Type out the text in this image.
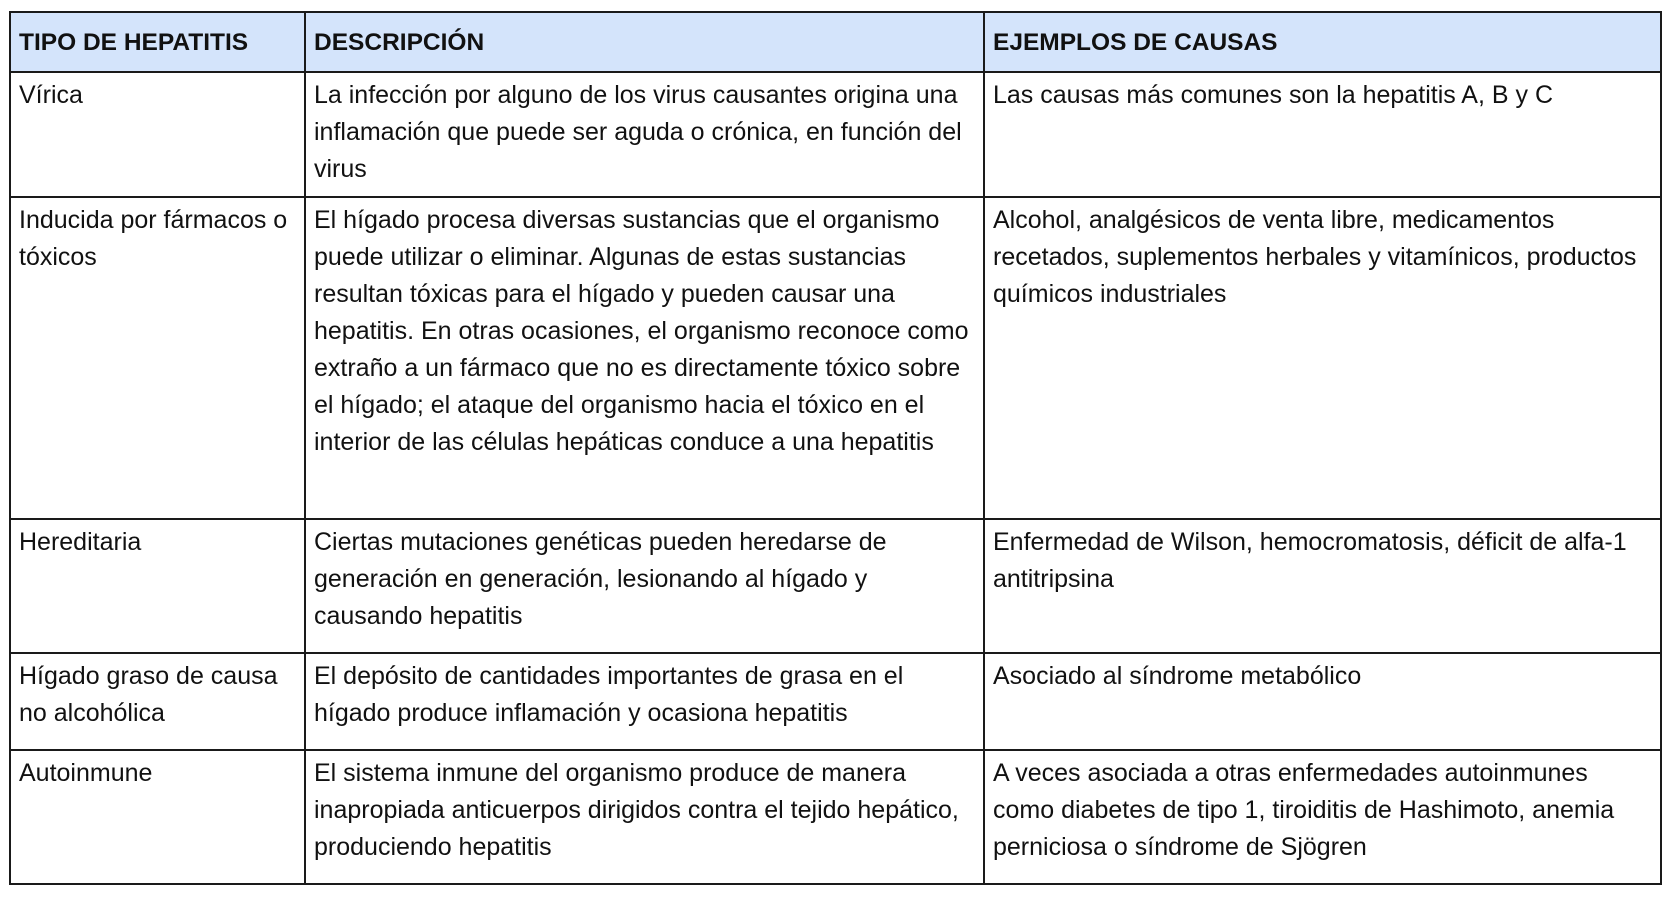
TIPO DE HEPATITIS	DESCRIPCIÓN	EJEMPLOS DE CAUSAS
Vírica	La infección por alguno de los virus causantes origina una inflamación que puede ser aguda o crónica, en función del virus	Las causas más comunes son la hepatitis A, B y C
Inducida por fármacos o tóxicos	El hígado procesa diversas sustancias que el organismo puede utilizar o eliminar. Algunas de estas sustancias resultan tóxicas para el hígado y pueden causar una hepatitis. En otras ocasiones, el organismo reconoce como extraño a un fármaco que no es directamente tóxico sobre el hígado; el ataque del organismo hacia el tóxico en el interior de las células hepáticas conduce a una hepatitis	Alcohol, analgésicos de venta libre, medicamentos recetados, suplementos herbales y vitamínicos, productos químicos industriales
Hereditaria	Ciertas mutaciones genéticas pueden heredarse de generación en generación, lesionando al hígado y causando hepatitis	Enfermedad de Wilson, hemocromatosis, déficit de alfa-1 antitripsina
Hígado graso de causa no alcohólica	El depósito de cantidades importantes de grasa en el hígado produce inflamación y ocasiona hepatitis	Asociado al síndrome metabólico
Autoinmune	El sistema inmune del organismo produce de manera inapropiada anticuerpos dirigidos contra el tejido hepático, produciendo hepatitis	A veces asociada a otras enfermedades autoinmunes como diabetes de tipo 1, tiroiditis de Hashimoto, anemia perniciosa o síndrome de Sjögren
